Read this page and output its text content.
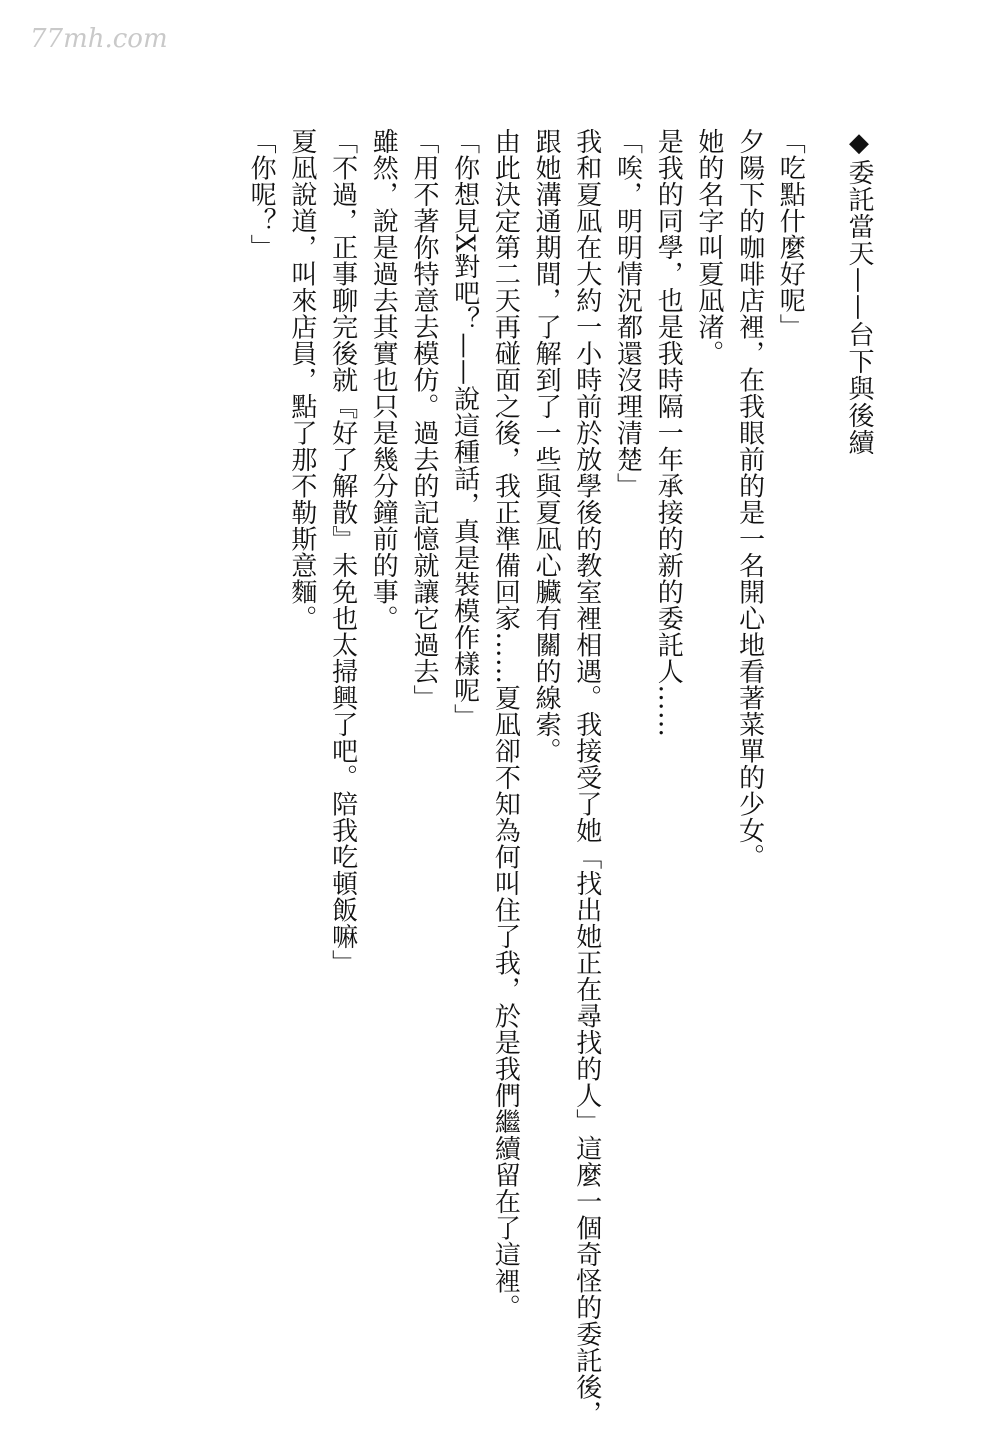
77mh.com
◆委託當天——台下與後續
「吃點什麼好呢」
夕陽下的咖啡店裡，在我眼前的是一名開心地看著菜單的少女。
她的名字叫夏凪渚。
是我的同學，也是我時隔一年承接的新的委託人……
「唉，明明情況都還沒理清楚」
我和夏凪在大約一小時前於放學後的教室裡相遇。我接受了她「找出她正在尋找的人」這麼一個奇怪的委託後，
跟她溝通期間，了解到了一些與夏凪心臟有關的線索。
由此決定第二天再碰面之後，我正準備回家……夏凪卻不知為何叫住了我，於是我們繼續留在了這裡。
「你想見X對吧？——說這種話，真是裝模作樣呢」
「用不著你特意去模仿。過去的記憶就讓它過去」
雖然，說是過去其實也只是幾分鐘前的事。
「不過，正事聊完後就『好了解散』未免也太掃興了吧。陪我吃頓飯嘛」
夏凪說道，叫來店員，點了那不勒斯意麵。
「你呢？」
